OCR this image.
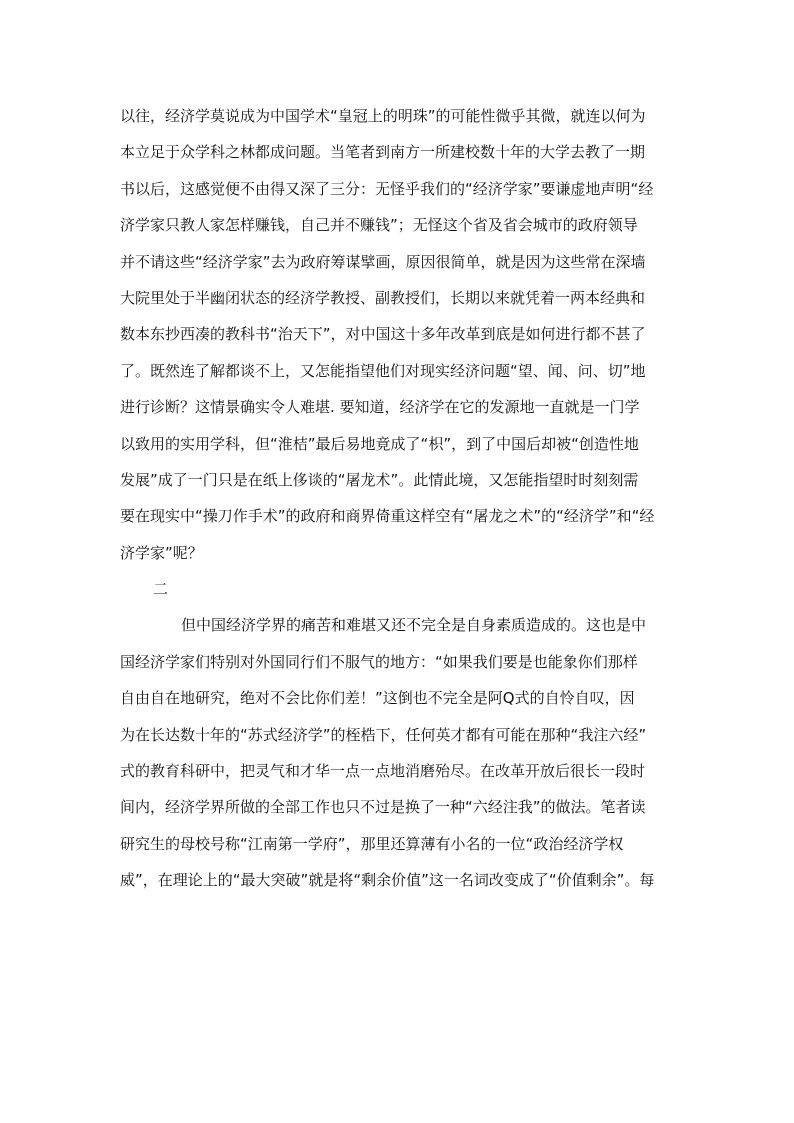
以往，经济学莫说成为中国学术“皇冠上的明珠”的可能性微乎其微，就连以何为
本立足于众学科之林都成问题。当笔者到南方一所建校数十年的大学去教了一期
书以后，这感觉便不由得又深了三分：无怪乎我们的“经济学家”要谦虚地声明“经
济学家只教人家怎样赚钱，自己并不赚钱”；无怪这个省及省会城市的政府领导
并不请这些“经济学家”去为政府筹谋擘画，原因很简单，就是因为这些常在深墙
大院里处于半幽闭状态的经济学教授、副教授们，长期以来就凭着一两本经典和
数本东抄西凑的教科书“治天下”，对中国这十多年改革到底是如何进行都不甚了
了。既然连了解都谈不上，又怎能指望他们对现实经济问题“望、闻、问、切”地
进行诊断？这情景确实令人难堪. 要知道，经济学在它的发源地一直就是一门学
以致用的实用学科，但“淮桔”最后易地竟成了“枳”，到了中国后却被“创造性地
发展”成了一门只是在纸上侈谈的“屠龙术”。此情此境，又怎能指望时时刻刻需
要在现实中“操刀作手术”的政府和商界倚重这样空有“屠龙之术”的“经济学”和“经
济学家”呢？
二
但中国经济学界的痛苦和难堪又还不完全是自身素质造成的。这也是中
国经济学家们特别对外国同行们不服气的地方：“如果我们要是也能象你们那样
自由自在地研究，绝对不会比你们差！”这倒也不完全是阿Q式的自怜自叹，因
为在长达数十年的“苏式经济学”的桎梏下，任何英才都有可能在那种“我注六经”
式的教育科研中，把灵气和才华一点一点地消磨殆尽。在改革开放后很长一段时
间内，经济学界所做的全部工作也只不过是换了一种“六经注我”的做法。笔者读
研究生的母校号称“江南第一学府”，那里还算薄有小名的一位“政治经济学权
威”，在理论上的“最大突破”就是将“剩余价值”这一名词改变成了“价值剩余”。每
